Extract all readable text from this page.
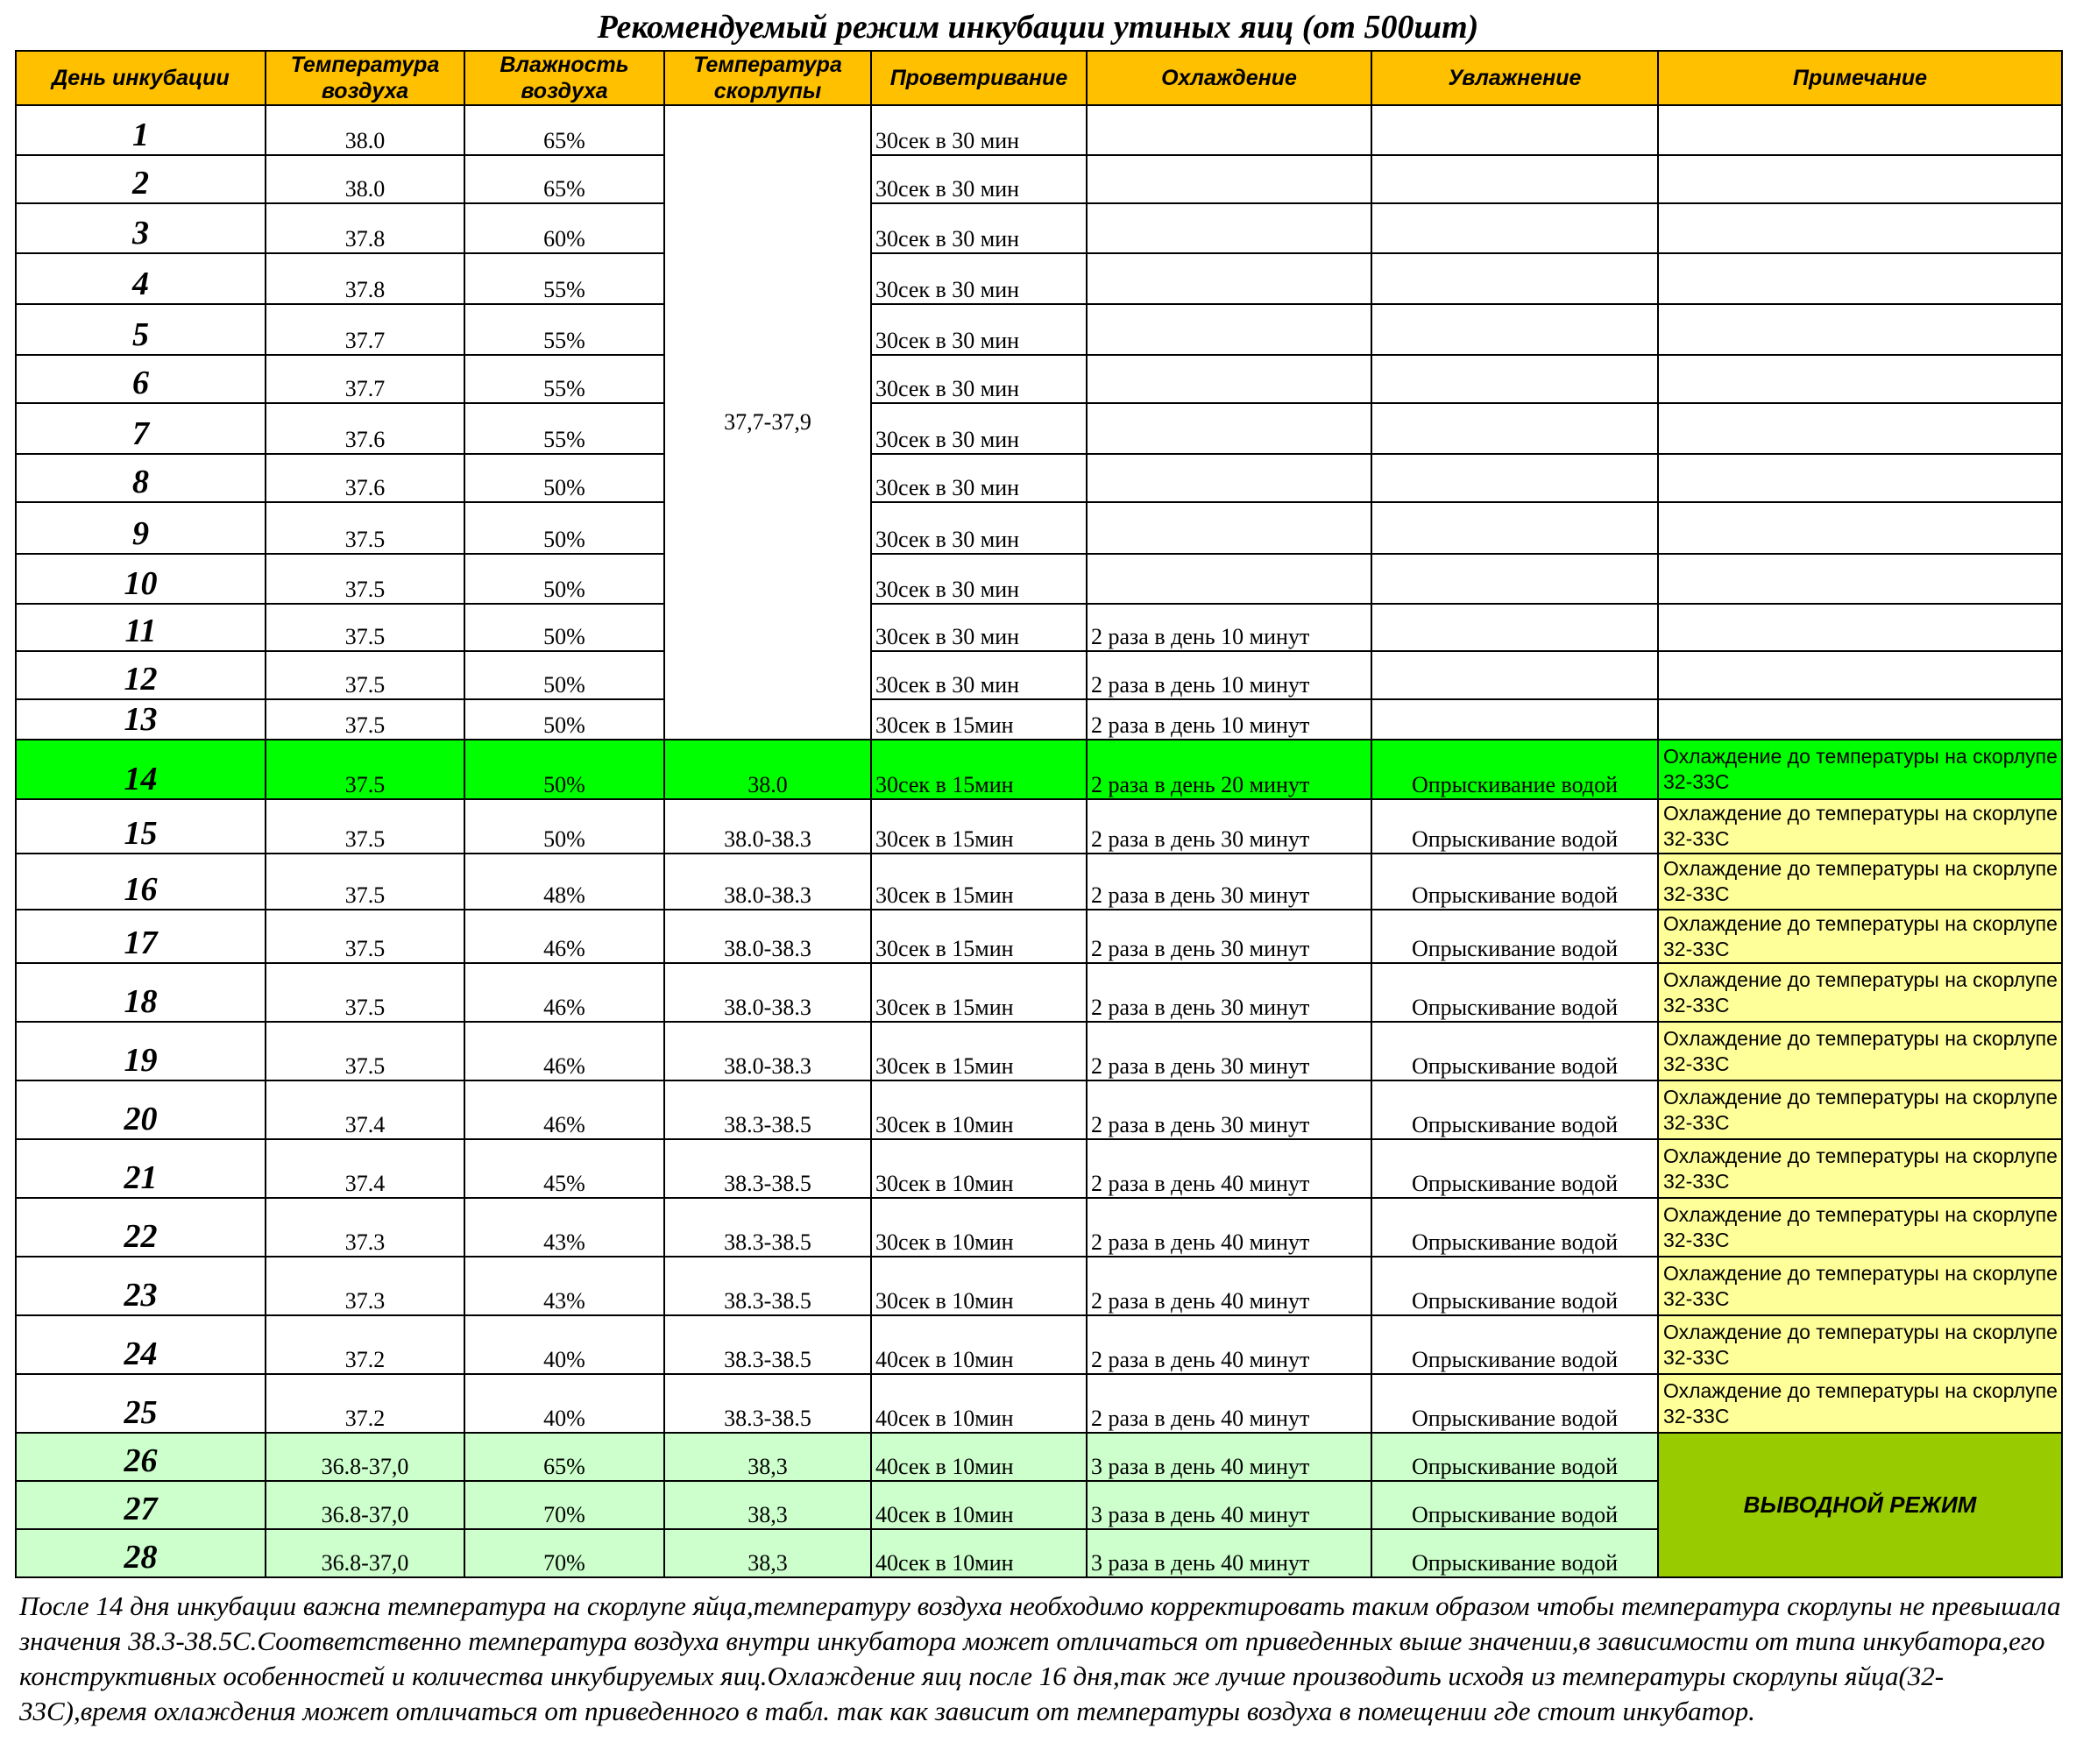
Рекомендуемый режим инкубации утиных яиц (от 500шт)
День инкубации	Температура воздуха	Влажность воздуха	Температура скорлупы	Проветривание	Охлаждение	Увлажнение	Примечание
1	38.0	65%	37,7-37,9	30сек в 30 мин			
2	38.0	65%		30сек в 30 мин			
3	37.8	60%		30сек в 30 мин			
4	37.8	55%		30сек в 30 мин			
5	37.7	55%		30сек в 30 мин			
6	37.7	55%		30сек в 30 мин			
7	37.6	55%		30сек в 30 мин			
8	37.6	50%		30сек в 30 мин			
9	37.5	50%		30сек в 30 мин			
10	37.5	50%		30сек в 30 мин			
11	37.5	50%		30сек в 30 мин	2 раза в день 10 минут		
12	37.5	50%		30сек в 30 мин	2 раза в день 10 минут		
13	37.5	50%		30сек в 15мин	2 раза в день 10 минут		
14	37.5	50%	38.0	30сек в 15мин	2 раза в день 20 минут	Опрыскивание водой	Охлаждение до температуры на скорлупе 32-33С
15	37.5	50%	38.0-38.3	30сек в 15мин	2 раза в день 30 минут	Опрыскивание водой	Охлаждение до температуры на скорлупе 32-33С
16	37.5	48%	38.0-38.3	30сек в 15мин	2 раза в день 30 минут	Опрыскивание водой	Охлаждение до температуры на скорлупе 32-33С
17	37.5	46%	38.0-38.3	30сек в 15мин	2 раза в день 30 минут	Опрыскивание водой	Охлаждение до температуры на скорлупе 32-33С
18	37.5	46%	38.0-38.3	30сек в 15мин	2 раза в день 30 минут	Опрыскивание водой	Охлаждение до температуры на скорлупе 32-33С
19	37.5	46%	38.0-38.3	30сек в 15мин	2 раза в день 30 минут	Опрыскивание водой	Охлаждение до температуры на скорлупе 32-33С
20	37.4	46%	38.3-38.5	30сек в 10мин	2 раза в день 30 минут	Опрыскивание водой	Охлаждение до температуры на скорлупе 32-33С
21	37.4	45%	38.3-38.5	30сек в 10мин	2 раза в день 40 минут	Опрыскивание водой	Охлаждение до температуры на скорлупе 32-33С
22	37.3	43%	38.3-38.5	30сек в 10мин	2 раза в день 40 минут	Опрыскивание водой	Охлаждение до температуры на скорлупе 32-33С
23	37.3	43%	38.3-38.5	30сек в 10мин	2 раза в день 40 минут	Опрыскивание водой	Охлаждение до температуры на скорлупе 32-33С
24	37.2	40%	38.3-38.5	40сек в 10мин	2 раза в день 40 минут	Опрыскивание водой	Охлаждение до температуры на скорлупе 32-33С
25	37.2	40%	38.3-38.5	40сек в 10мин	2 раза в день 40 минут	Опрыскивание водой	Охлаждение до температуры на скорлупе 32-33С
26	36.8-37,0	65%	38,3	40сек в 10мин	3 раза в день 40 минут	Опрыскивание водой	ВЫВОДНОЙ РЕЖИМ
27	36.8-37,0	70%	38,3	40сек в 10мин	3 раза в день 40 минут	Опрыскивание водой	
28	36.8-37,0	70%	38,3	40сек в 10мин	3 раза в день 40 минут	Опрыскивание водой	
После 14 дня инкубации важна температура на скорлупе яйца,температуру воздуха необходимо корректировать таким образом чтобы температура скорлупы не превышала значения 38.3-38.5С.Соответственно температура воздуха внутри инкубатора может отличаться от приведенных выше значении,в зависимости от типа инкубатора,его конструктивных особенностей и количества инкубируемых яиц.Охлаждение яиц после 16 дня,так же лучше производить исходя из температуры скорлупы яйца(32-33С),время охлаждения может отличаться от приведенного в табл. так как зависит от температуры воздуха в помещении где стоит инкубатор.
